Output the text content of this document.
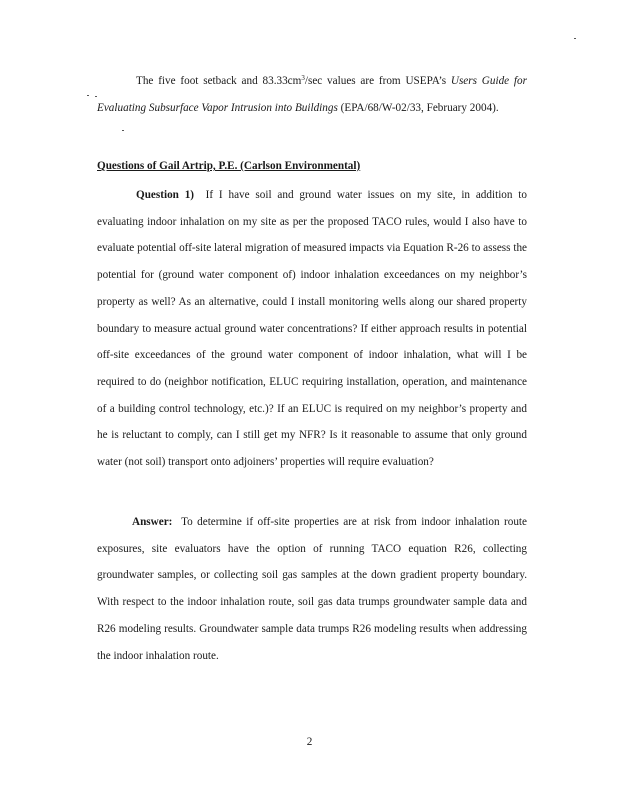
The five foot setback and $83.33cm^3/\sec$ values are from USEPA’s Users Guide for Evaluating Subsurface Vapor Intrusion into Buildings (EPA/68/W-02/33, February 2004).
Questions of Gail Artrip, P.E. (Carlson Environmental)
Question 1) If I have soil and ground water issues on my site, in addition to evaluating indoor inhalation on my site as per the proposed TACO rules, would I also have to evaluate potential off-site lateral migration of measured impacts via Equation R-26 to assess the potential for (ground water component of) indoor inhalation exceedances on my neighbor’s property as well? As an alternative, could I install monitoring wells along our shared property boundary to measure actual ground water concentrations? If either approach results in potential off-site exceedances of the ground water component of indoor inhalation, what will I be required to do (neighbor notification, ELUC requiring installation, operation, and maintenance of a building control technology, etc.)? If an ELUC is required on my neighbor’s property and he is reluctant to comply, can I still get my NFR? Is it reasonable to assume that only ground water (not soil) transport onto adjoiners’ properties will require evaluation?
Answer: To determine if off-site properties are at risk from indoor inhalation route exposures, site evaluators have the option of running TACO equation R26, collecting groundwater samples, or collecting soil gas samples at the down gradient property boundary. With respect to the indoor inhalation route, soil gas data trumps groundwater sample data and R26 modeling results. Groundwater sample data trumps R26 modeling results when addressing the indoor inhalation route.
2
